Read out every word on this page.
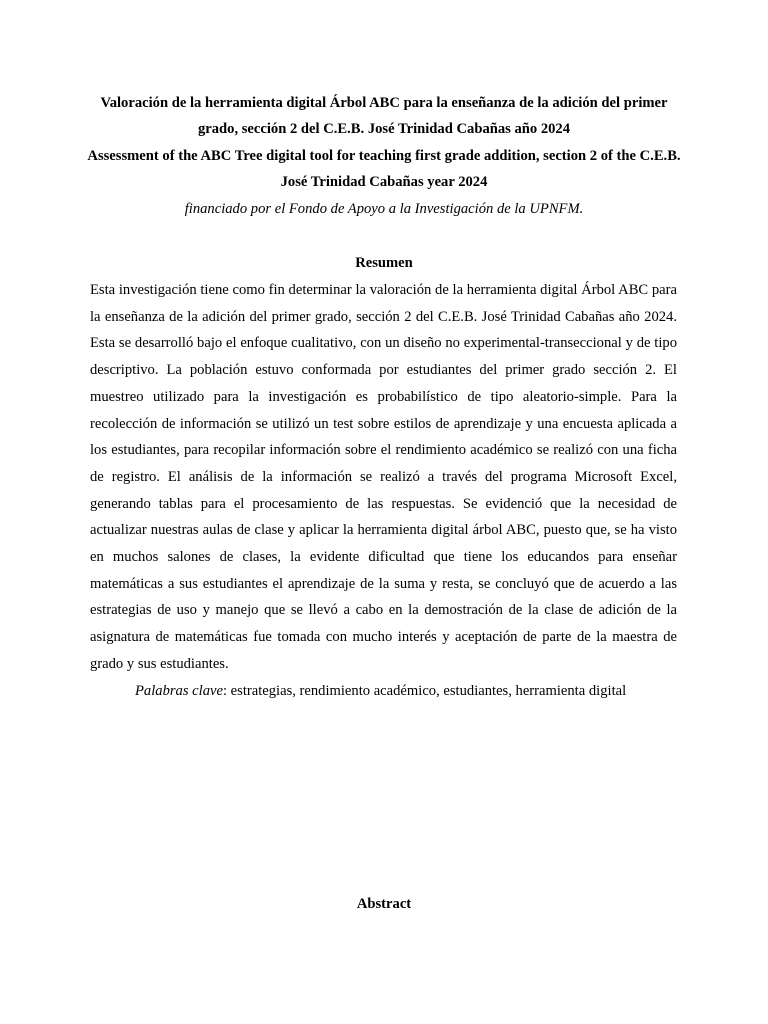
Valoración de la herramienta digital Árbol ABC para la enseñanza de la adición del primer grado, sección 2 del C.E.B. José Trinidad Cabañas año 2024

Assessment of the ABC Tree digital tool for teaching first grade addition, section 2 of the C.E.B. José Trinidad Cabañas year 2024

financiado por el Fondo de Apoyo a la Investigación de la UPNFM.

Resumen

Esta investigación tiene como fin determinar la valoración de la herramienta digital Árbol ABC para la enseñanza de la adición del primer grado, sección 2 del C.E.B. José Trinidad Cabañas año 2024. Esta se desarrolló bajo el enfoque cualitativo, con un diseño no experimental-transeccional y de tipo descriptivo. La población estuvo conformada por estudiantes del primer grado sección 2. El muestreo utilizado para la investigación es probabilístico de tipo aleatorio-simple. Para la recolección de información se utilizó un test sobre estilos de aprendizaje y una encuesta aplicada a los estudiantes, para recopilar información sobre el rendimiento académico se realizó con una ficha de registro. El análisis de la información se realizó a través del programa Microsoft Excel, generando tablas para el procesamiento de las respuestas. Se evidenció que la necesidad de actualizar nuestras aulas de clase y aplicar la herramienta digital árbol ABC, puesto que, se ha visto en muchos salones de clases, la evidente dificultad que tiene los educandos para enseñar matemáticas a sus estudiantes el aprendizaje de la suma y resta, se concluyó que de acuerdo a las estrategias de uso y manejo que se llevó a cabo en la demostración de la clase de adición de la asignatura de matemáticas fue tomada con mucho interés y aceptación de parte de la maestra de grado y sus estudiantes.

Palabras clave: estrategias, rendimiento académico, estudiantes, herramienta digital

Abstract
